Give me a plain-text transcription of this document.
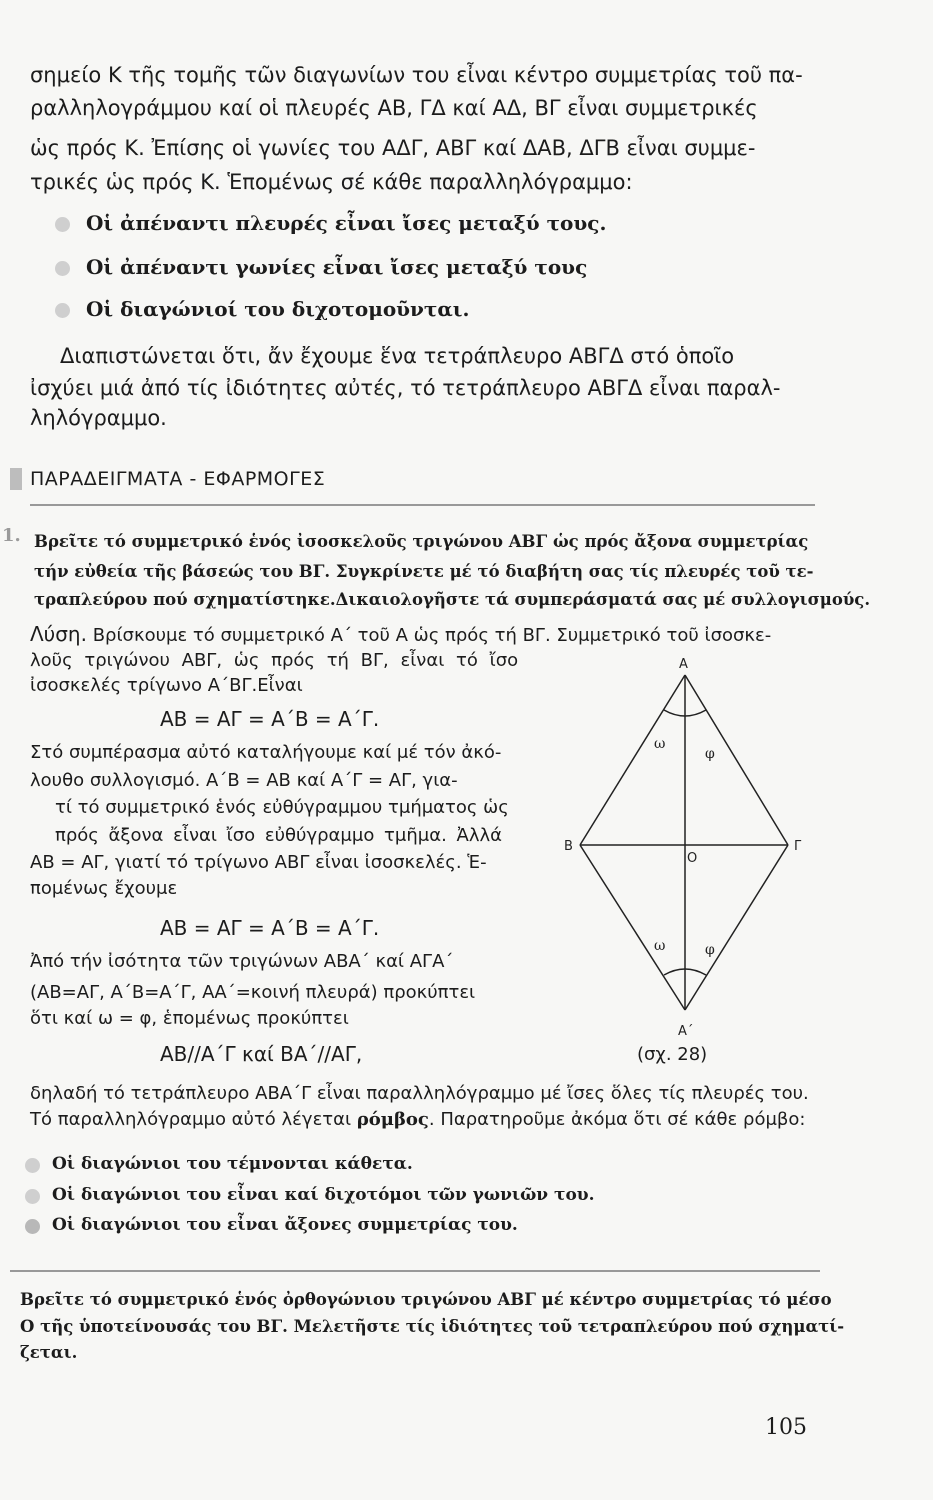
σημείο Κ τῆς τομῆς τῶν διαγωνίων του εἶναι κέντρο συμμετρίας τοῦ πα-
ραλληλογράμμου καί οἱ πλευρές ΑΒ, ΓΔ καί ΑΔ, ΒΓ εἶναι συμμετρικές
ὡς πρός Κ. Ἐπίσης οἱ γωνίες του ΑΔΓ, ΑΒΓ καί ΔΑΒ, ΔΓΒ εἶναι συμμε-
τρικές ὡς πρός Κ. Ἑπομένως σέ κάθε παραλληλόγραμμο:
Οἱ ἀπέναντι πλευρές εἶναι ἴσες μεταξύ τους.
Οἱ ἀπέναντι γωνίες εἶναι ἴσες μεταξύ τους
Οἱ διαγώνιοί του διχοτομοῦνται.
Διαπιστώνεται ὅτι, ἄν ἔχουμε ἕνα τετράπλευρο ΑΒΓΔ στό ὁποῖο
ἰσχύει μιά ἀπό τίς ἰδιότητες αὐτές, τό τετράπλευρο ΑΒΓΔ εἶναι παραλ-
ληλόγραμμο.
ΠΑΡΑΔΕΙΓΜΑΤΑ - ΕΦΑΡΜΟΓΕΣ
1. Βρεῖτε τό συμμετρικό ἑνός ἰσοσκελοῦς τριγώνου ΑΒΓ ὡς πρός ἄξονα συμμετρίας
τήν εὐθεία τῆς βάσεώς του ΒΓ. Συγκρίνετε μέ τό διαβήτη σας τίς πλευρές τοῦ τε-
τραπλεύρου πού σχηματίστηκε.Δικαιολογῆστε τά συμπεράσματά σας μέ συλλογισμούς.
Λύση. Βρίσκουμε τό συμμετρικό Α΄ τοῦ Α ὡς πρός τή ΒΓ. Συμμετρικό τοῦ ἰσοσκε-
λοῦς τριγώνου ΑΒΓ, ὡς πρός τή ΒΓ, εἶναι τό ἴσο
ἰσοσκελές τρίγωνο Α΄ΒΓ.Εἶναι
ΑΒ = ΑΓ = Α΄Β = Α΄Γ.
Στό συμπέρασμα αὐτό καταλήγουμε καί μέ τόν ἀκό-
λουθο συλλογισμό. Α΄Β = ΑΒ καί Α΄Γ = ΑΓ, για-
τί τό συμμετρικό ἑνός εὐθύγραμμου τμήματος ὡς
πρός ἄξονα εἶναι ἴσο εὐθύγραμμο τμῆμα. Ἀλλά
ΑΒ = ΑΓ, γιατί τό τρίγωνο ΑΒΓ εἶναι ἰσοσκελές. Ἑ-
πομένως ἔχουμε
ΑΒ = ΑΓ = Α΄Β = Α΄Γ.
Ἀπό τήν ἰσότητα τῶν τριγώνων ΑΒΑ΄ καί ΑΓΑ΄
(ΑΒ=ΑΓ, Α΄Β=Α΄Γ, ΑΑ΄=κοινή πλευρά) προκύπτει
ὅτι καί ω = φ, ἑπομένως προκύπτει
ΑΒ//Α΄Γ καί ΒΑ΄//ΑΓ,
Α
Β	Γ
Ο
Α΄
ω
φ
ω	φ
(σχ. 28)
δηλαδή τό τετράπλευρο ΑΒΑ΄Γ εἶναι παραλληλόγραμμο μέ ἴσες ὅλες τίς πλευρές του.
Τό παραλληλόγραμμο αὐτό λέγεται ρόμβος. Παρατηροῦμε ἀκόμα ὅτι σέ κάθε ρόμβο:
Οἱ διαγώνιοι του τέμνονται κάθετα.
Οἱ διαγώνιοι του εἶναι καί διχοτόμοι τῶν γωνιῶν του.
Οἱ διαγώνιοι του εἶναι ἄξονες συμμετρίας του.
Βρεῖτε τό συμμετρικό ἑνός ὀρθογώνιου τριγώνου ΑΒΓ μέ κέντρο συμμετρίας τό μέσο
Ο τῆς ὑποτείνουσάς του ΒΓ. Μελετῆστε τίς ἰδιότητες τοῦ τετραπλεύρου πού σχηματί-
ζεται.
105
